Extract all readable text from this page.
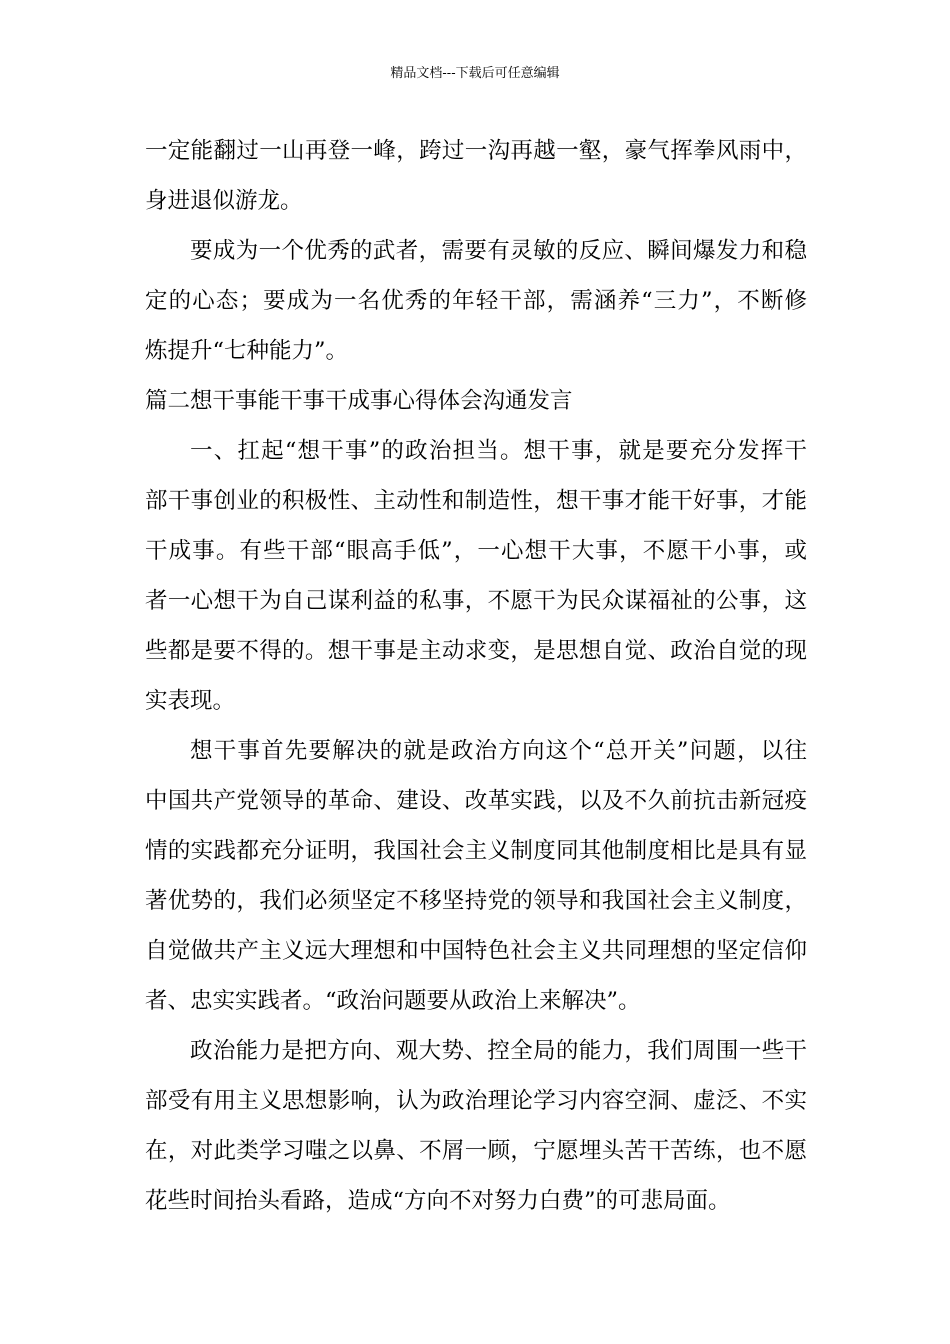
精品文档---下载后可任意编辑
一定能翻过一山再登一峰，跨过一沟再越一壑，豪气挥拳风雨中，
身进退似游龙。
要成为一个优秀的武者，需要有灵敏的反应、瞬间爆发力和稳
定的心态；要成为一名优秀的年轻干部，需涵养“三力”，不断修
炼提升“七种能力”。
篇二想干事能干事干成事心得体会沟通发言
一、扛起“想干事”的政治担当。想干事，就是要充分发挥干
部干事创业的积极性、主动性和制造性，想干事才能干好事，才能
干成事。有些干部“眼高手低”，一心想干大事，不愿干小事，或
者一心想干为自己谋利益的私事，不愿干为民众谋福祉的公事，这
些都是要不得的。想干事是主动求变，是思想自觉、政治自觉的现
实表现。
想干事首先要解决的就是政治方向这个“总开关”问题，以往
中国共产党领导的革命、建设、改革实践，以及不久前抗击新冠疫
情的实践都充分证明，我国社会主义制度同其他制度相比是具有显
著优势的，我们必须坚定不移坚持党的领导和我国社会主义制度，
自觉做共产主义远大理想和中国特色社会主义共同理想的坚定信仰
者、忠实实践者。“政治问题要从政治上来解决”。
政治能力是把方向、观大势、控全局的能力，我们周围一些干
部受有用主义思想影响，认为政治理论学习内容空洞、虚泛、不实
在，对此类学习嗤之以鼻、不屑一顾，宁愿埋头苦干苦练，也不愿
花些时间抬头看路，造成“方向不对努力白费”的可悲局面。
